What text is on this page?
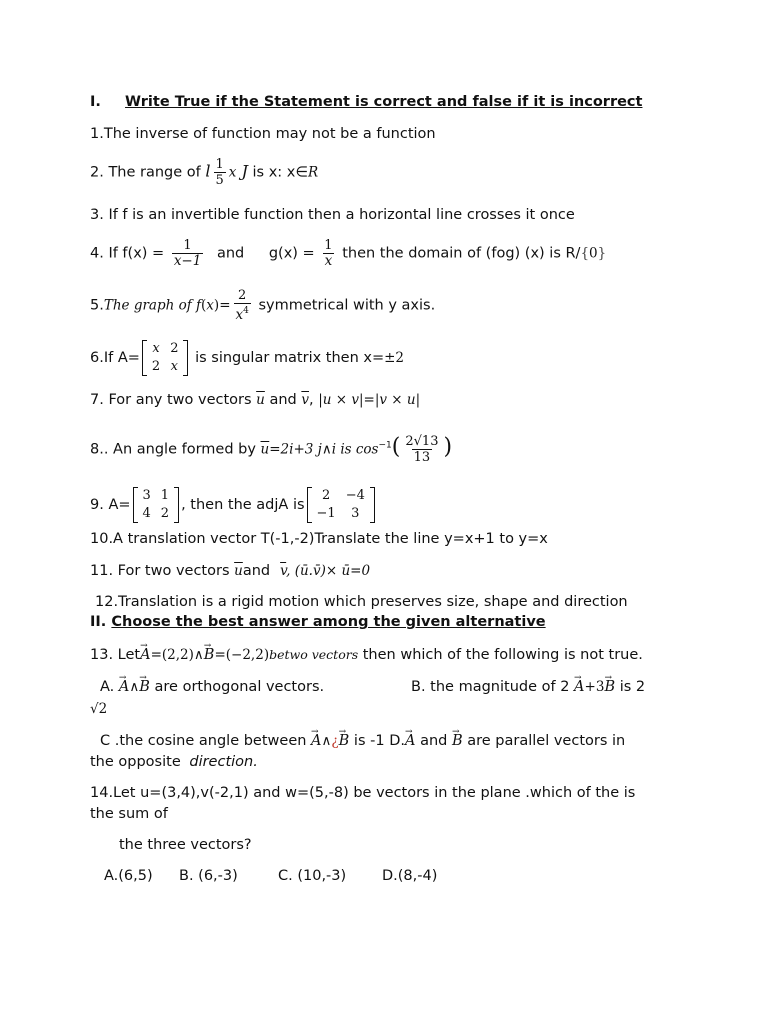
I. Write True if the Statement is correct and false if it is incorrect
1.The inverse of function may not be a function
2. The range of l $\frac{1}{5}$ x J is x: x∈R
3. If f is an invertible function then a horizontal line crosses it once
4. If $f(x) = \frac{1}{x-1}$ and $g(x) = \frac{1}{x}$ then the domain of (fog) (x) is R/{0}
5.The graph of $f(x)= \frac{2}{x^4}$ symmetrical with y axis.
6.If A=
x	2
2	x
is singular matrix then x=±2
7. For any two vectors $\overline{u}$ and $\overline{v}$, |u × v|=|v × u|
8.. An angle formed by $\overline{u}=2i+3$ j∧i is $\cos^{-1}( \frac{2√13}{13}$ )
9. A=
3	1
4	2
, then the adjA is
2	−4
−1	3
10.A translation vector T(-1,-2)Translate the line y=x+1 to y=x
11. For two vectors $\overline{u}and$ $\overline{v}$, (ū.v̄)× ū=0
12.Translation is a rigid motion which preserves size, shape and direction
II. Choose the best answer among the given alternative
13. Let→ A=(2,2)∧→ B=(−2,2)betwo vectors then which of the following is not true.
A. → A∧→ B are orthogonal vectors.	B. the magnitude of 2 → A+3→ B is 2
√2
C .the cosine angle between → A∧¿→ B is -1 D.→ A and → B are parallel vectors in
the opposite direction.
14.Let u=(3,4),v(-2,1) and w=(5,-8) be vectors in the plane .which of the is
the sum of
the three vectors?
A.(6,5) B. (6,-3)	C. (10,-3) D.(8,-4)
